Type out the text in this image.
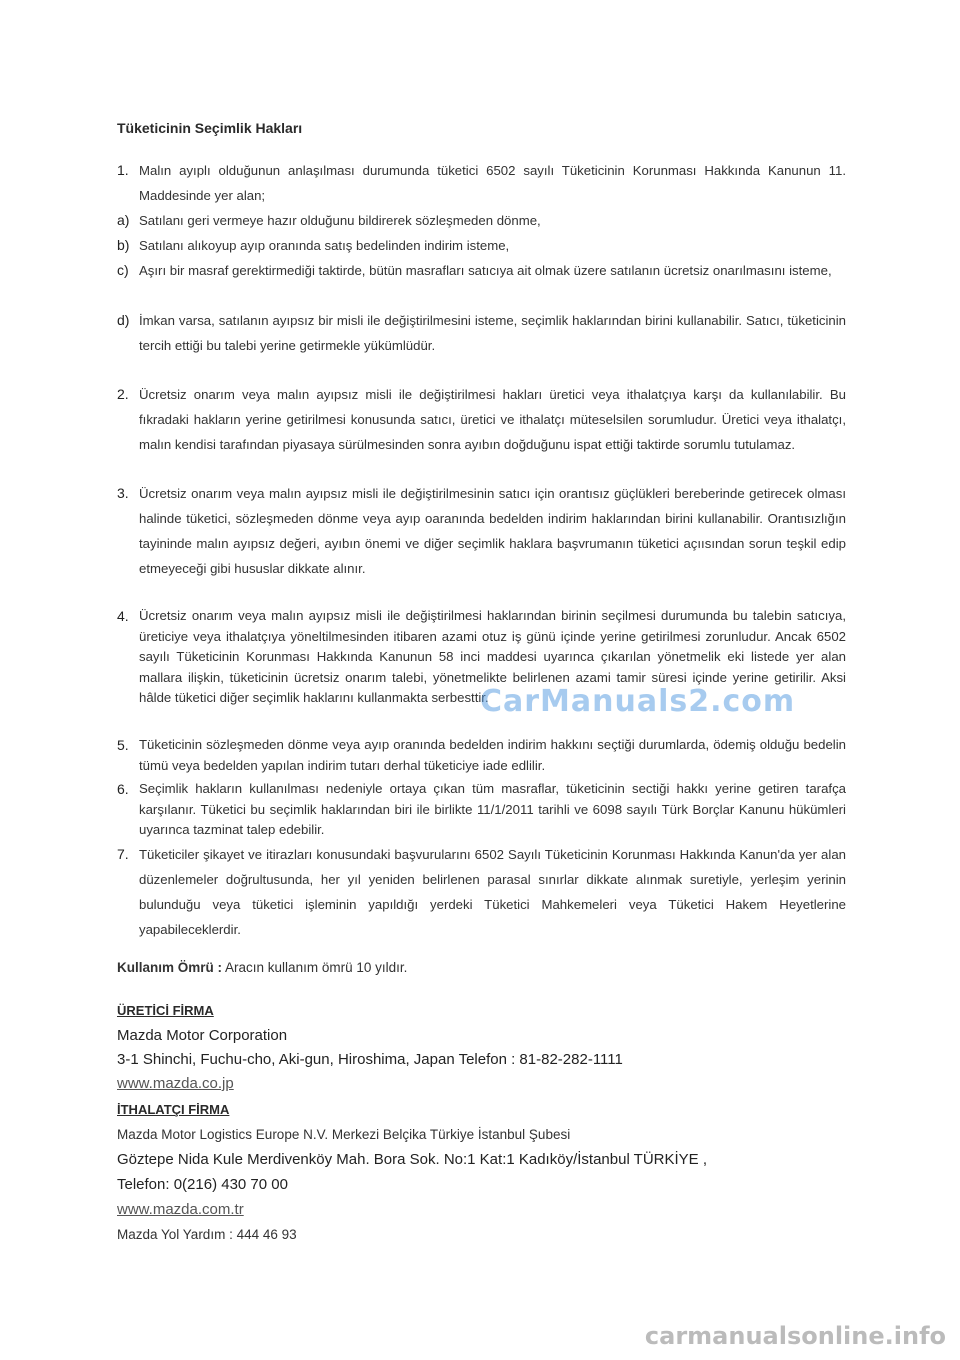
Tüketicinin Seçimlik Hakları
1. Malın ayıplı olduğunun anlaşılması durumunda tüketici 6502 sayılı Tüketicinin Korunması Hakkında Kanunun 11. Maddesinde yer alan;
a) Satılanı geri vermeye hazır olduğunu bildirerek sözleşmeden dönme,
b) Satılanı alıkoyup ayıp oranında satış bedelinden indirim isteme,
c) Aşırı bir masraf gerektirmediği taktirde, bütün masrafları satıcıya ait olmak üzere satılanın ücretsiz onarılmasını isteme,
d) İmkan varsa, satılanın ayıpsız bir misli ile değiştirilmesini isteme, seçimlik haklarından birini kullanabilir. Satıcı, tüketicinin tercih ettiği bu talebi yerine getirmekle yükümlüdür.
2. Ücretsiz onarım veya malın ayıpsız misli ile değiştirilmesi hakları üretici veya ithalatçıya karşı da kullanılabilir. Bu fıkradaki hakların yerine getirilmesi konusunda satıcı, üretici ve ithalatçı müteselsilen sorumludur. Üretici veya ithalatçı, malın kendisi tarafından piyasaya sürülmesinden sonra ayıbın doğduğunu ispat ettiği taktirde sorumlu tutulamaz.
3. Ücretsiz onarım veya malın ayıpsız misli ile değiştirilmesinin satıcı için orantısız güçlükleri bereberinde getirecek olması halinde tüketici, sözleşmeden dönme veya ayıp oaranında bedelden indirim haklarından birini kullanabilir. Orantısızlığın tayininde malın ayıpsız değeri, ayıbın önemi ve diğer seçimlik haklara başvrumanın tüketici açıısından sorun teşkil edip etmeyeceği gibi hususlar dikkate alınır.
4. Ücretsiz onarım veya malın ayıpsız misli ile değiştirilmesi haklarından birinin seçilmesi durumunda bu talebin satıcıya, üreticiye veya ithalatçıya yöneltilmesinden itibaren azami otuz iş günü içinde yerine getirilmesi zorunludur. Ancak 6502 sayılı Tüketicinin Korunması Hakkında Kanunun 58 inci maddesi uyarınca çıkarılan yönetmelik eki listede yer alan mallara ilişkin, tüketicinin ücretsiz onarım talebi, yönetmelikte belirlenen azami tamir süresi içinde yerine getirilir. Aksi hâlde tüketici diğer seçimlik haklarını kullanmakta serbesttir.
5. Tüketicinin sözleşmeden dönme veya ayıp oranında bedelden indirim hakkını seçtiği durumlarda, ödemiş olduğu bedelin tümü veya bedelden yapılan indirim tutarı derhal tüketiciye iade edlilir.
6. Seçimlik hakların kullanılması nedeniyle ortaya çıkan tüm masraflar, tüketicinin sectiği hakkı yerine getiren tarafça karşılanır. Tüketici bu seçimlik haklarından biri ile birlikte 11/1/2011 tarihli ve 6098 sayılı Türk Borçlar Kanunu hükümleri uyarınca tazminat talep edebilir.
7. Tüketiciler şikayet ve itirazları konusundaki başvurularını 6502 Sayılı Tüketicinin Korunması Hakkında Kanun'da yer alan düzenlemeler doğrultusunda, her yıl yeniden belirlenen parasal sınırlar dikkate alınmak suretiyle, yerleşim yerinin bulunduğu veya tüketici işleminin yapıldığı yerdeki Tüketici Mahkemeleri veya Tüketici Hakem Heyetlerine yapabileceklerdir.
Kullanım Ömrü : Aracın kullanım ömrü 10 yıldır.
ÜRETİCİ FİRMA
Mazda Motor Corporation
3-1 Shinchi, Fuchu-cho, Aki-gun, Hiroshima, Japan Telefon : 81-82-282-1111
www.mazda.co.jp
İTHALATÇI FİRMA
Mazda Motor Logistics Europe N.V. Merkezi Belçika Türkiye İstanbul Şubesi
Göztepe Nida Kule Merdivenköy Mah. Bora Sok. No:1 Kat:1 Kadıköy/İstanbul TÜRKİYE ,
Telefon: 0(216) 430 70 00
www.mazda.com.tr
Mazda Yol Yardım : 444 46 93
CarManuals2.com
carmanualsonline.info
